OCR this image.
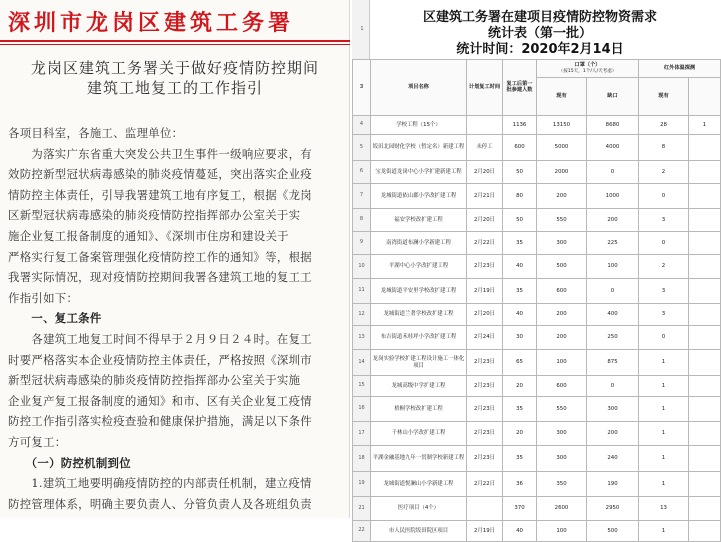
深圳市龙岗区建筑工务署
龙岗区建筑工务署关于做好疫情防控期间
建筑工地复工的工作指引
各项目科室，各施工、监理单位：
　　为落实广东省重大突发公共卫生事件一级响应要求，有
效防控新型冠状病毒感染的肺炎疫情蔓延，突出落实企业疫
情防控主体责任，引导我署建筑工地有序复工，根据《龙岗
区新型冠状病毒感染的肺炎疫情防控指挥部办公室关于实
施企业复工报备制度的通知》、《深圳市住房和建设关于
严格实行复工备案管理强化疫情防控工作的通知》等，根据
我署实际情况，现对疫情防控期间我署各建筑工地的复工工
作指引如下：
　　一、复工条件
　　各建筑工地复工时间不得早于２月９日２４时。在复工
时要严格落实本企业疫情防控主体责任，严格按照《深圳市
新型冠状病毒感染的肺炎疫情防控指挥部办公室关于实施
企业复产复工报备制度的通知》和市、区有关企业复工疫情
防控工作指引落实检疫查验和健康保护措施，满足以下条件
方可复工：
　　（一）防控机制到位
　　1.建筑工地要明确疫情防控的内部责任机制，建立疫情
防控管理体系，明确主要负责人、分管负责人及各班组负责
1
区建筑工务署在建项目疫情防控物资需求
统计表（第一批）
统计时间：2020年2月14日
3	项目名称	计划复工时间	复工后第一批参建人数	口罩（个）
（按15天，1个/人/天考虑）		红外体温探测	
				现有	缺口	现有	
4	学校工程（15个）		1136	13150	8680	28	1
5	坂田北园财化学校（暂定名）新建工程	未停工	600	5000	4000	8	
6	宝龙街道龙岗中心小学扩建新建工程	2月20日	50	2000	0	2	
7	龙城街道依山郡小学改扩建工程	2月21日	80	200	1000	0	
8	福安学校改扩建工程	2月20日	50	550	200	3	
9	南湾街道布澜小学新建工程	2月22日	35	300	225	0	
10	平湖中心小学改扩建工程	2月23日	40	500	100	2	
11	龙城街道平安里学校改扩建工程	2月19日	35	600	0	3	
12	龙城街道兰著学校改扩建工程	2月20日	40	200	400	3	
13	布吉街道禾桂坪小学改扩建工程	2月24日	30	200	250	0	
14	龙岗实验学校扩建工程设计施工一体化项目	2月23日	65	100	875	1	
15	龙城高级中学扩建工程	2月23日	20	600	0	1	
16	梧桐学校改扩建工程	2月23日	35	550	300	1	
17	千林山小学改扩建工程	2月23日	20	300	200	1	
18	平湖金融基地九年一贯制学校新建工程	2月23日	35	300	240	1	
19	龙城街道悦澜山小学新建工程	2月22日	36	350	190	1	
21	医疗项目（4个）		370	2600	2950	13	
22	市人民医院坂田院区项目	2月19日	40	100	500	1	
